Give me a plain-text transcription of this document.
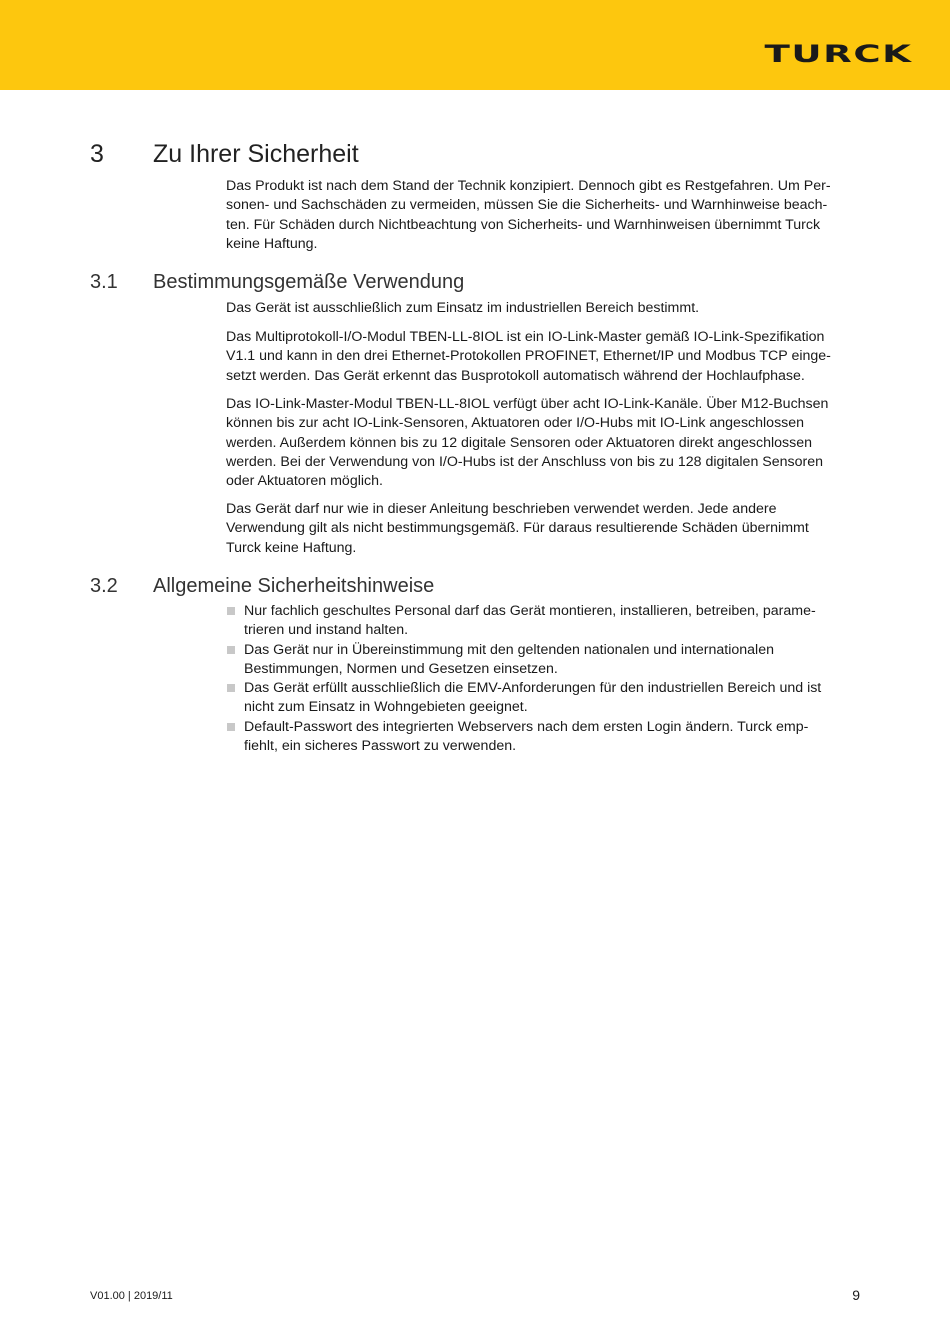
TURCK
3 Zu Ihrer Sicherheit

Das Produkt ist nach dem Stand der Technik konzipiert. Dennoch gibt es Restgefahren. Um Per-
sonen- und Sachschäden zu vermeiden, müssen Sie die Sicherheits- und Warnhinweise beach-
ten. Für Schäden durch Nichtbeachtung von Sicherheits- und Warnhinweisen übernimmt Turck
keine Haftung.

3.1 Bestimmungsgemäße Verwendung

Das Gerät ist ausschließlich zum Einsatz im industriellen Bereich bestimmt.

Das Multiprotokoll-I/O-Modul TBEN-LL-8IOL ist ein IO-Link-Master gemäß IO-Link-Spezifikation
V1.1 und kann in den drei Ethernet-Protokollen PROFINET, Ethernet/IP und Modbus TCP einge-
setzt werden. Das Gerät erkennt das Busprotokoll automatisch während der Hochlaufphase.

Das IO-Link-Master-Modul TBEN-LL-8IOL verfügt über acht IO-Link-Kanäle. Über M12-Buchsen
können bis zur acht IO-Link-Sensoren, Aktuatoren oder I/O-Hubs mit IO-Link angeschlossen
werden. Außerdem können bis zu 12 digitale Sensoren oder Aktuatoren direkt angeschlossen
werden. Bei der Verwendung von I/O-Hubs ist der Anschluss von bis zu 128 digitalen Sensoren
oder Aktuatoren möglich.

Das Gerät darf nur wie in dieser Anleitung beschrieben verwendet werden. Jede andere
Verwendung gilt als nicht bestimmungsgemäß. Für daraus resultierende Schäden übernimmt
Turck keine Haftung.

3.2 Allgemeine Sicherheitshinweise
Nur fachlich geschultes Personal darf das Gerät montieren, installieren, betreiben, parame-
trieren und instand halten.
Das Gerät nur in Übereinstimmung mit den geltenden nationalen und internationalen
Bestimmungen, Normen und Gesetzen einsetzen.
Das Gerät erfüllt ausschließlich die EMV-Anforderungen für den industriellen Bereich und ist
nicht zum Einsatz in Wohngebieten geeignet.
Default-Passwort des integrierten Webservers nach dem ersten Login ändern. Turck emp-
fiehlt, ein sicheres Passwort zu verwenden.
V01.00 | 2019/11	9
